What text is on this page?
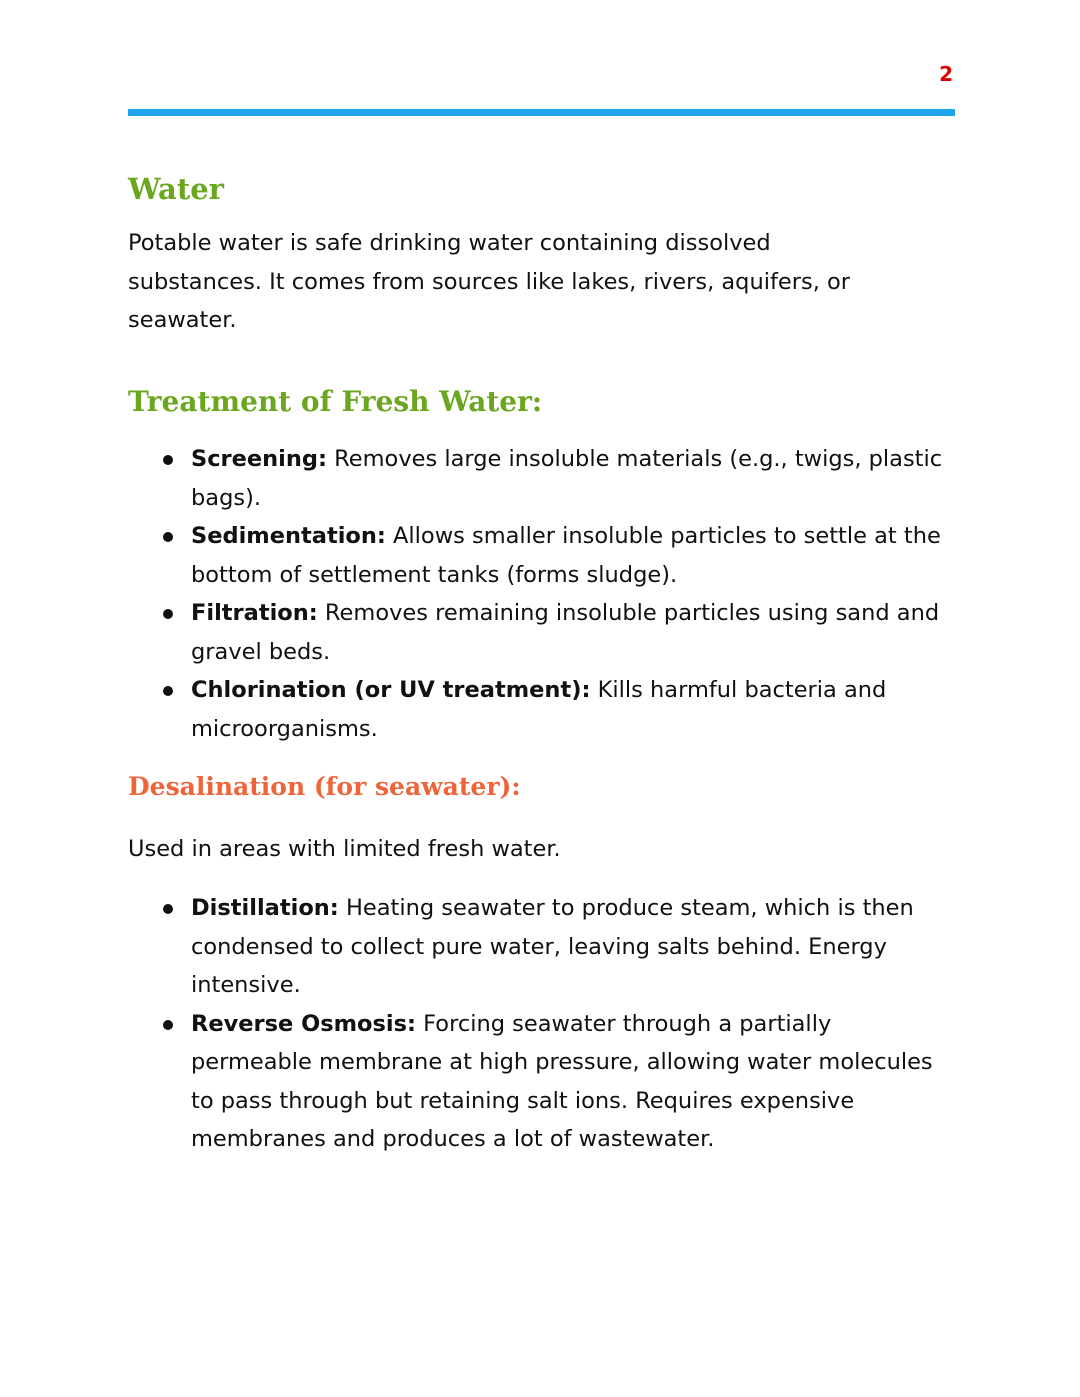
2
Water

Potable water is safe drinking water containing dissolved substances. It comes from sources like lakes, rivers, aquifers, or seawater.

Treatment of Fresh Water:
Screening: Removes large insoluble materials (e.g., twigs, plastic bags).
Sedimentation: Allows smaller insoluble particles to settle at the bottom of settlement tanks (forms sludge).
Filtration: Removes remaining insoluble particles using sand and gravel beds.
Chlorination (or UV treatment): Kills harmful bacteria and microorganisms.
Desalination (for seawater):

Used in areas with limited fresh water.

Distillation: Heating seawater to produce steam, which is then condensed to collect pure water, leaving salts behind. Energy intensive.
Reverse Osmosis: Forcing seawater through a partially permeable membrane at high pressure, allowing water molecules to pass through but retaining salt ions. Requires expensive membranes and produces a lot of wastewater.
